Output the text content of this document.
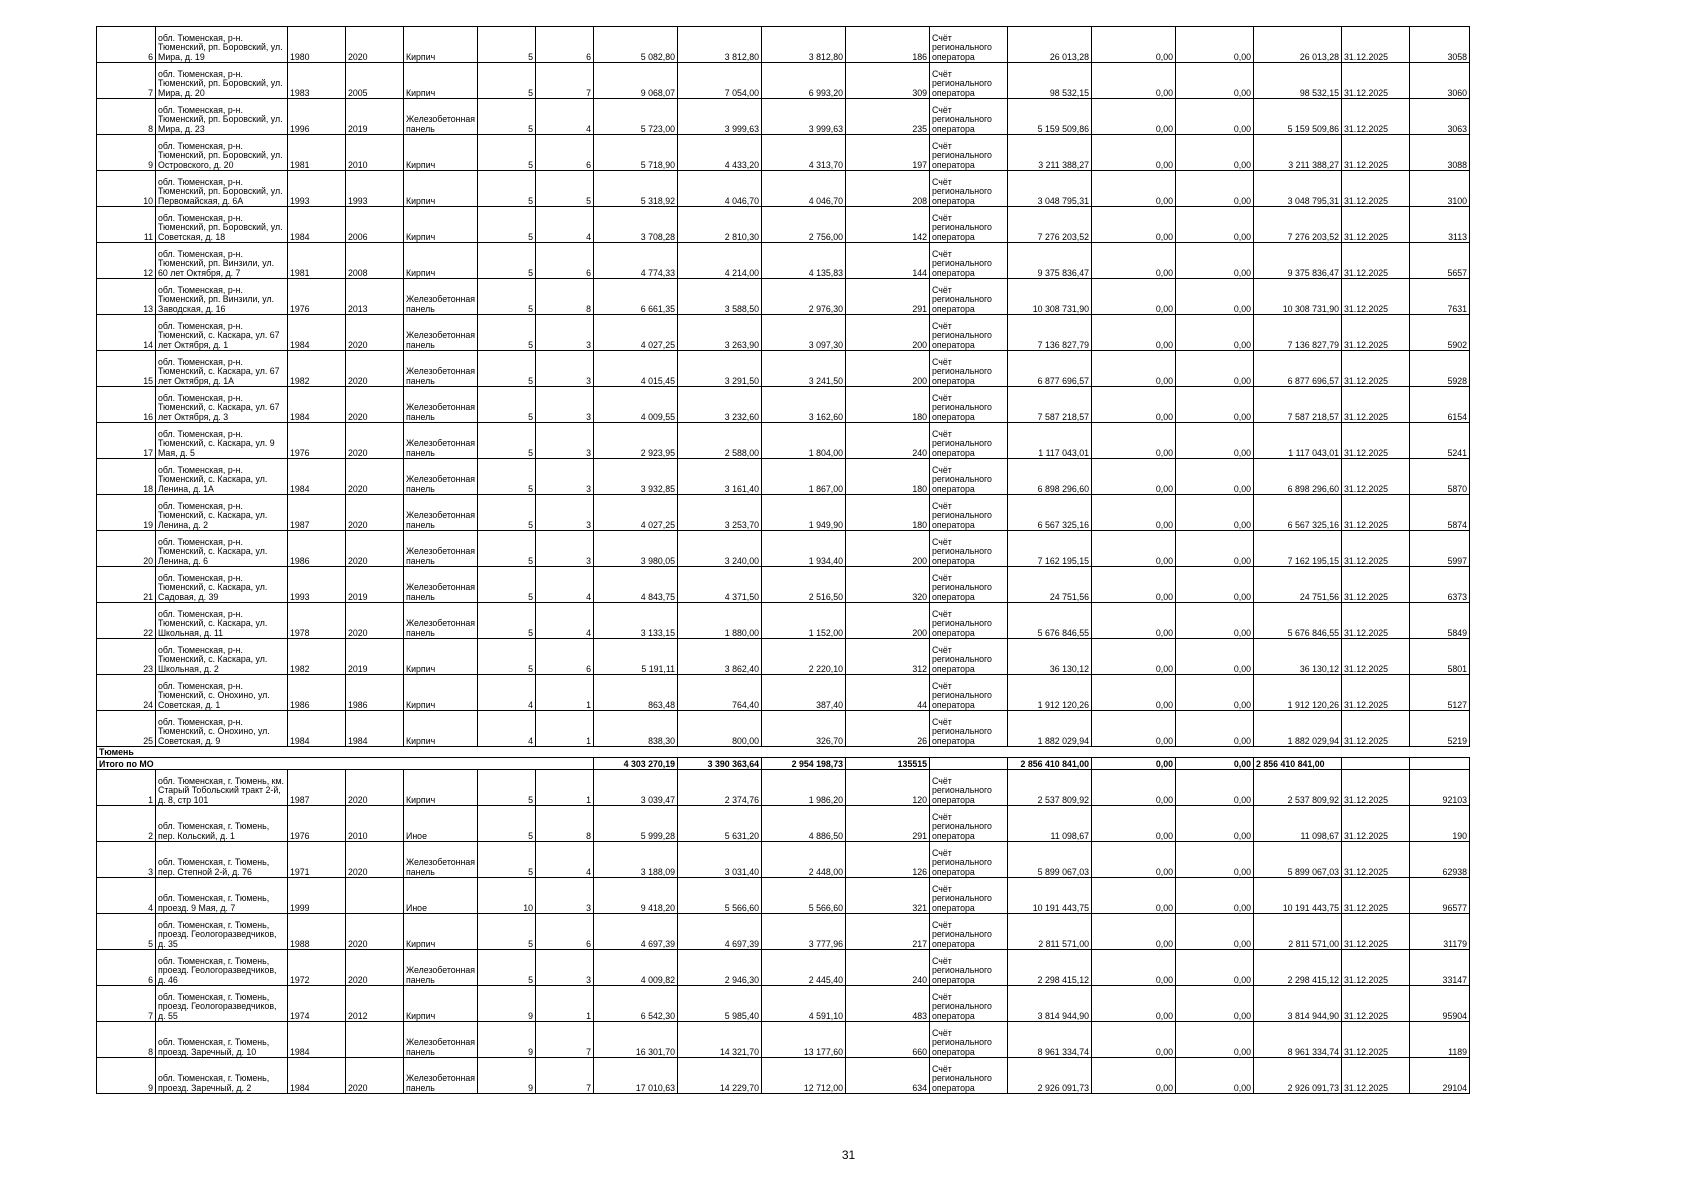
6	обл. Тюменская, р-н. Тюменский, рп. Боровский, ул. Мира, д. 19	1980	2020	Кирпич	5	6	5 082,80	3 812,80	3 812,80	186	Счёт регионального оператора	26 013,28	0,00	0,00	26 013,28	31.12.2025	3058
7	обл. Тюменская, р-н. Тюменский, рп. Боровский, ул. Мира, д. 20	1983	2005	Кирпич	5	7	9 068,07	7 054,00	6 993,20	309	Счёт регионального оператора	98 532,15	0,00	0,00	98 532,15	31.12.2025	3060
8	обл. Тюменская, р-н. Тюменский, рп. Боровский, ул. Мира, д. 23	1996	2019	Железобетонная панель	5	4	5 723,00	3 999,63	3 999,63	235	Счёт регионального оператора	5 159 509,86	0,00	0,00	5 159 509,86	31.12.2025	3063
9	обл. Тюменская, р-н. Тюменский, рп. Боровский, ул. Островского, д. 20	1981	2010	Кирпич	5	6	5 718,90	4 433,20	4 313,70	197	Счёт регионального оператора	3 211 388,27	0,00	0,00	3 211 388,27	31.12.2025	3088
10	обл. Тюменская, р-н. Тюменский, рп. Боровский, ул. Первомайская, д. 6А	1993	1993	Кирпич	5	5	5 318,92	4 046,70	4 046,70	208	Счёт регионального оператора	3 048 795,31	0,00	0,00	3 048 795,31	31.12.2025	3100
11	обл. Тюменская, р-н. Тюменский, рп. Боровский, ул. Советская, д. 18	1984	2006	Кирпич	5	4	3 708,28	2 810,30	2 756,00	142	Счёт регионального оператора	7 276 203,52	0,00	0,00	7 276 203,52	31.12.2025	3113
12	обл. Тюменская, р-н. Тюменский, рп. Винзили, ул. 60 лет Октября, д. 7	1981	2008	Кирпич	5	6	4 774,33	4 214,00	4 135,83	144	Счёт регионального оператора	9 375 836,47	0,00	0,00	9 375 836,47	31.12.2025	5657
13	обл. Тюменская, р-н. Тюменский, рп. Винзили, ул. Заводская, д. 16	1976	2013	Железобетонная панель	5	8	6 661,35	3 588,50	2 976,30	291	Счёт регионального оператора	10 308 731,90	0,00	0,00	10 308 731,90	31.12.2025	7631
14	обл. Тюменская, р-н. Тюменский, с. Каскара, ул. 67 лет Октября, д. 1	1984	2020	Железобетонная панель	5	3	4 027,25	3 263,90	3 097,30	200	Счёт регионального оператора	7 136 827,79	0,00	0,00	7 136 827,79	31.12.2025	5902
15	обл. Тюменская, р-н. Тюменский, с. Каскара, ул. 67 лет Октября, д. 1А	1982	2020	Железобетонная панель	5	3	4 015,45	3 291,50	3 241,50	200	Счёт регионального оператора	6 877 696,57	0,00	0,00	6 877 696,57	31.12.2025	5928
16	обл. Тюменская, р-н. Тюменский, с. Каскара, ул. 67 лет Октября, д. 3	1984	2020	Железобетонная панель	5	3	4 009,55	3 232,60	3 162,60	180	Счёт регионального оператора	7 587 218,57	0,00	0,00	7 587 218,57	31.12.2025	6154
17	обл. Тюменская, р-н. Тюменский, с. Каскара, ул. 9 Мая, д. 5	1976	2020	Железобетонная панель	5	3	2 923,95	2 588,00	1 804,00	240	Счёт регионального оператора	1 117 043,01	0,00	0,00	1 117 043,01	31.12.2025	5241
18	обл. Тюменская, р-н. Тюменский, с. Каскара, ул. Ленина, д. 1А	1984	2020	Железобетонная панель	5	3	3 932,85	3 161,40	1 867,00	180	Счёт регионального оператора	6 898 296,60	0,00	0,00	6 898 296,60	31.12.2025	5870
19	обл. Тюменская, р-н. Тюменский, с. Каскара, ул. Ленина, д. 2	1987	2020	Железобетонная панель	5	3	4 027,25	3 253,70	1 949,90	180	Счёт регионального оператора	6 567 325,16	0,00	0,00	6 567 325,16	31.12.2025	5874
20	обл. Тюменская, р-н. Тюменский, с. Каскара, ул. Ленина, д. 6	1986	2020	Железобетонная панель	5	3	3 980,05	3 240,00	1 934,40	200	Счёт регионального оператора	7 162 195,15	0,00	0,00	7 162 195,15	31.12.2025	5997
21	обл. Тюменская, р-н. Тюменский, с. Каскара, ул. Садовая, д. 39	1993	2019	Железобетонная панель	5	4	4 843,75	4 371,50	2 516,50	320	Счёт регионального оператора	24 751,56	0,00	0,00	24 751,56	31.12.2025	6373
22	обл. Тюменская, р-н. Тюменский, с. Каскара, ул. Школьная, д. 11	1978	2020	Железобетонная панель	5	4	3 133,15	1 880,00	1 152,00	200	Счёт регионального оператора	5 676 846,55	0,00	0,00	5 676 846,55	31.12.2025	5849
23	обл. Тюменская, р-н. Тюменский, с. Каскара, ул. Школьная, д. 2	1982	2019	Кирпич	5	6	5 191,11	3 862,40	2 220,10	312	Счёт регионального оператора	36 130,12	0,00	0,00	36 130,12	31.12.2025	5801
24	обл. Тюменская, р-н. Тюменский, с. Онохино, ул. Советская, д. 1	1986	1986	Кирпич	4	1	863,48	764,40	387,40	44	Счёт регионального оператора	1 912 120,26	0,00	0,00	1 912 120,26	31.12.2025	5127
25	обл. Тюменская, р-н. Тюменский, с. Онохино, ул. Советская, д. 9	1984	1984	Кирпич	4	1	838,30	800,00	326,70	26	Счёт регионального оператора	1 882 029,94	0,00	0,00	1 882 029,94	31.12.2025	5219
Тюмень																	
Итого по МО							4 303 270,19	3 390 363,64	2 954 198,73	135515		2 856 410 841,00	0,00	0,00	2 856 410 841,00		
1	обл. Тюменская, г. Тюмень, км. Старый Тобольский тракт 2-й, д. 8, стр 101	1987	2020	Кирпич	5	1	3 039,47	2 374,76	1 986,20	120	Счёт регионального оператора	2 537 809,92	0,00	0,00	2 537 809,92	31.12.2025	92103
2	обл. Тюменская, г. Тюмень, пер. Кольский, д. 1	1976	2010	Иное	5	8	5 999,28	5 631,20	4 886,50	291	Счёт регионального оператора	11 098,67	0,00	0,00	11 098,67	31.12.2025	190
3	обл. Тюменская, г. Тюмень, пер. Степной 2-й, д. 76	1971	2020	Железобетонная панель	5	4	3 188,09	3 031,40	2 448,00	126	Счёт регионального оператора	5 899 067,03	0,00	0,00	5 899 067,03	31.12.2025	62938
4	обл. Тюменская, г. Тюмень, проезд. 9 Мая, д. 7	1999		Иное	10	3	9 418,20	5 566,60	5 566,60	321	Счёт регионального оператора	10 191 443,75	0,00	0,00	10 191 443,75	31.12.2025	96577
5	обл. Тюменская, г. Тюмень, проезд. Геологоразведчиков, д. 35	1988	2020	Кирпич	5	6	4 697,39	4 697,39	3 777,96	217	Счёт регионального оператора	2 811 571,00	0,00	0,00	2 811 571,00	31.12.2025	31179
6	обл. Тюменская, г. Тюмень, проезд. Геологоразведчиков, д. 46	1972	2020	Железобетонная панель	5	3	4 009,82	2 946,30	2 445,40	240	Счёт регионального оператора	2 298 415,12	0,00	0,00	2 298 415,12	31.12.2025	33147
7	обл. Тюменская, г. Тюмень, проезд. Геологоразведчиков, д. 55	1974	2012	Кирпич	9	1	6 542,30	5 985,40	4 591,10	483	Счёт регионального оператора	3 814 944,90	0,00	0,00	3 814 944,90	31.12.2025	95904
8	обл. Тюменская, г. Тюмень, проезд. Заречный, д. 10	1984		Железобетонная панель	9	7	16 301,70	14 321,70	13 177,60	660	Счёт регионального оператора	8 961 334,74	0,00	0,00	8 961 334,74	31.12.2025	1189
9	обл. Тюменская, г. Тюмень, проезд. Заречный, д. 2	1984	2020	Железобетонная панель	9	7	17 010,63	14 229,70	12 712,00	634	Счёт регионального оператора	2 926 091,73	0,00	0,00	2 926 091,73	31.12.2025	29104
31
